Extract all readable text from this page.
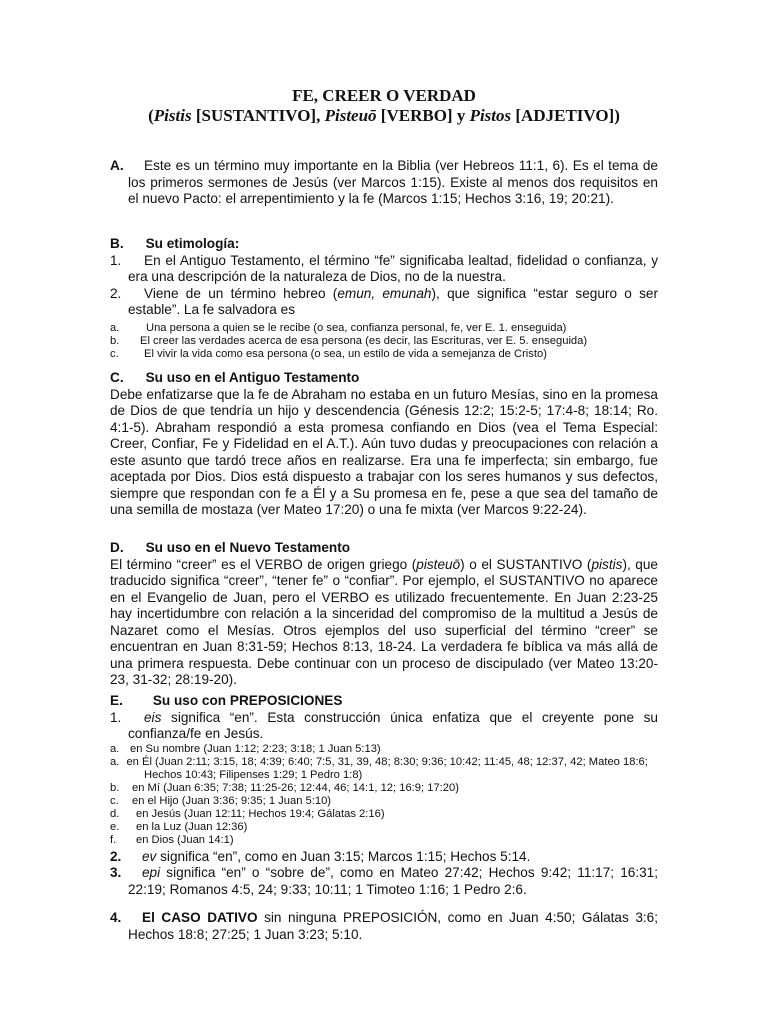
FE, CREER O VERDAD
(Pistis [SUSTANTIVO], Pisteuō [VERBO] y Pistos [ADJETIVO])
A. Este es un término muy importante en la Biblia (ver Hebreos 11:1, 6). Es el tema de los primeros sermones de Jesús (ver Marcos 1:15). Existe al menos dos requisitos en el nuevo Pacto: el arrepentimiento y la fe (Marcos 1:15; Hechos 3:16, 19; 20:21).
B. Su etimología:
1. En el Antiguo Testamento, el término “fe” significaba lealtad, fidelidad o confianza, y era una descripción de la naturaleza de Dios, no de la nuestra.
2. Viene de un término hebreo (emun, emunah), que significa “estar seguro o ser estable”. La fe salvadora es
a. Una persona a quien se le recibe (o sea, confianza personal, fe, ver E. 1. enseguida)
b. El creer las verdades acerca de esa persona (es decir, las Escrituras, ver E. 5. enseguida)
c. El vivir la vida como esa persona (o sea, un estilo de vida a semejanza de Cristo)
C. Su uso en el Antiguo Testamento
Debe enfatizarse que la fe de Abraham no estaba en un futuro Mesías, sino en la promesa de Dios de que tendría un hijo y descendencia (Génesis 12:2; 15:2-5; 17:4-8; 18:14; Ro. 4:1-5). Abraham respondió a esta promesa confiando en Dios (vea el Tema Especial: Creer, Confiar, Fe y Fidelidad en el A.T.). Aún tuvo dudas y preocupaciones con relación a este asunto que tardó trece años en realizarse. Era una fe imperfecta; sin embargo, fue aceptada por Dios. Dios está dispuesto a trabajar con los seres humanos y sus defectos, siempre que respondan con fe a Él y a Su promesa en fe, pese a que sea del tamaño de una semilla de mostaza (ver Mateo 17:20) o una fe mixta (ver Marcos 9:22-24).
D. Su uso en el Nuevo Testamento
El término “creer” es el VERBO de origen griego (pisteuō) o el SUSTANTIVO (pistis), que traducido significa “creer”, “tener fe” o “confiar”. Por ejemplo, el SUSTANTIVO no aparece en el Evangelio de Juan, pero el VERBO es utilizado frecuentemente. En Juan 2:23-25 hay incertidumbre con relación a la sinceridad del compromiso de la multitud a Jesús de Nazaret como el Mesías. Otros ejemplos del uso superficial del término “creer” se encuentran en Juan 8:31-59; Hechos 8:13, 18-24. La verdadera fe bíblica va más allá de una primera respuesta. Debe continuar con un proceso de discipulado (ver Mateo 13:20-23, 31-32; 28:19-20).
E. Su uso con PREPOSICIONES
1. eis significa “en”. Esta construcción única enfatiza que el creyente pone su confianza/fe en Jesús.
a. en Su nombre (Juan 1:12; 2:23; 3:18; 1 Juan 5:13)
a. en Él (Juan 2:11; 3:15, 18; 4:39; 6:40; 7:5, 31, 39, 48; 8:30; 9:36; 10:42; 11:45, 48; 12:37, 42; Mateo 18:6; Hechos 10:43; Filipenses 1:29; 1 Pedro 1:8)
b. en Mí (Juan 6:35; 7:38; 11:25-26; 12:44, 46; 14:1, 12; 16:9; 17:20)
c. en el Hijo (Juan 3:36; 9:35; 1 Juan 5:10)
d. en Jesús (Juan 12:11; Hechos 19:4; Gálatas 2:16)
e. en la Luz (Juan 12:36)
f. en Dios (Juan 14:1)
2. ev significa “en”, como en Juan 3:15; Marcos 1:15; Hechos 5:14.
3. epi significa “en” o “sobre de”, como en Mateo 27:42; Hechos 9:42; 11:17; 16:31; 22:19; Romanos 4:5, 24; 9:33; 10:11; 1 Timoteo 1:16; 1 Pedro 2:6.
4. El CASO DATIVO sin ninguna PREPOSICIÓN, como en Juan 4:50; Gálatas 3:6; Hechos 18:8; 27:25; 1 Juan 3:23; 5:10.
